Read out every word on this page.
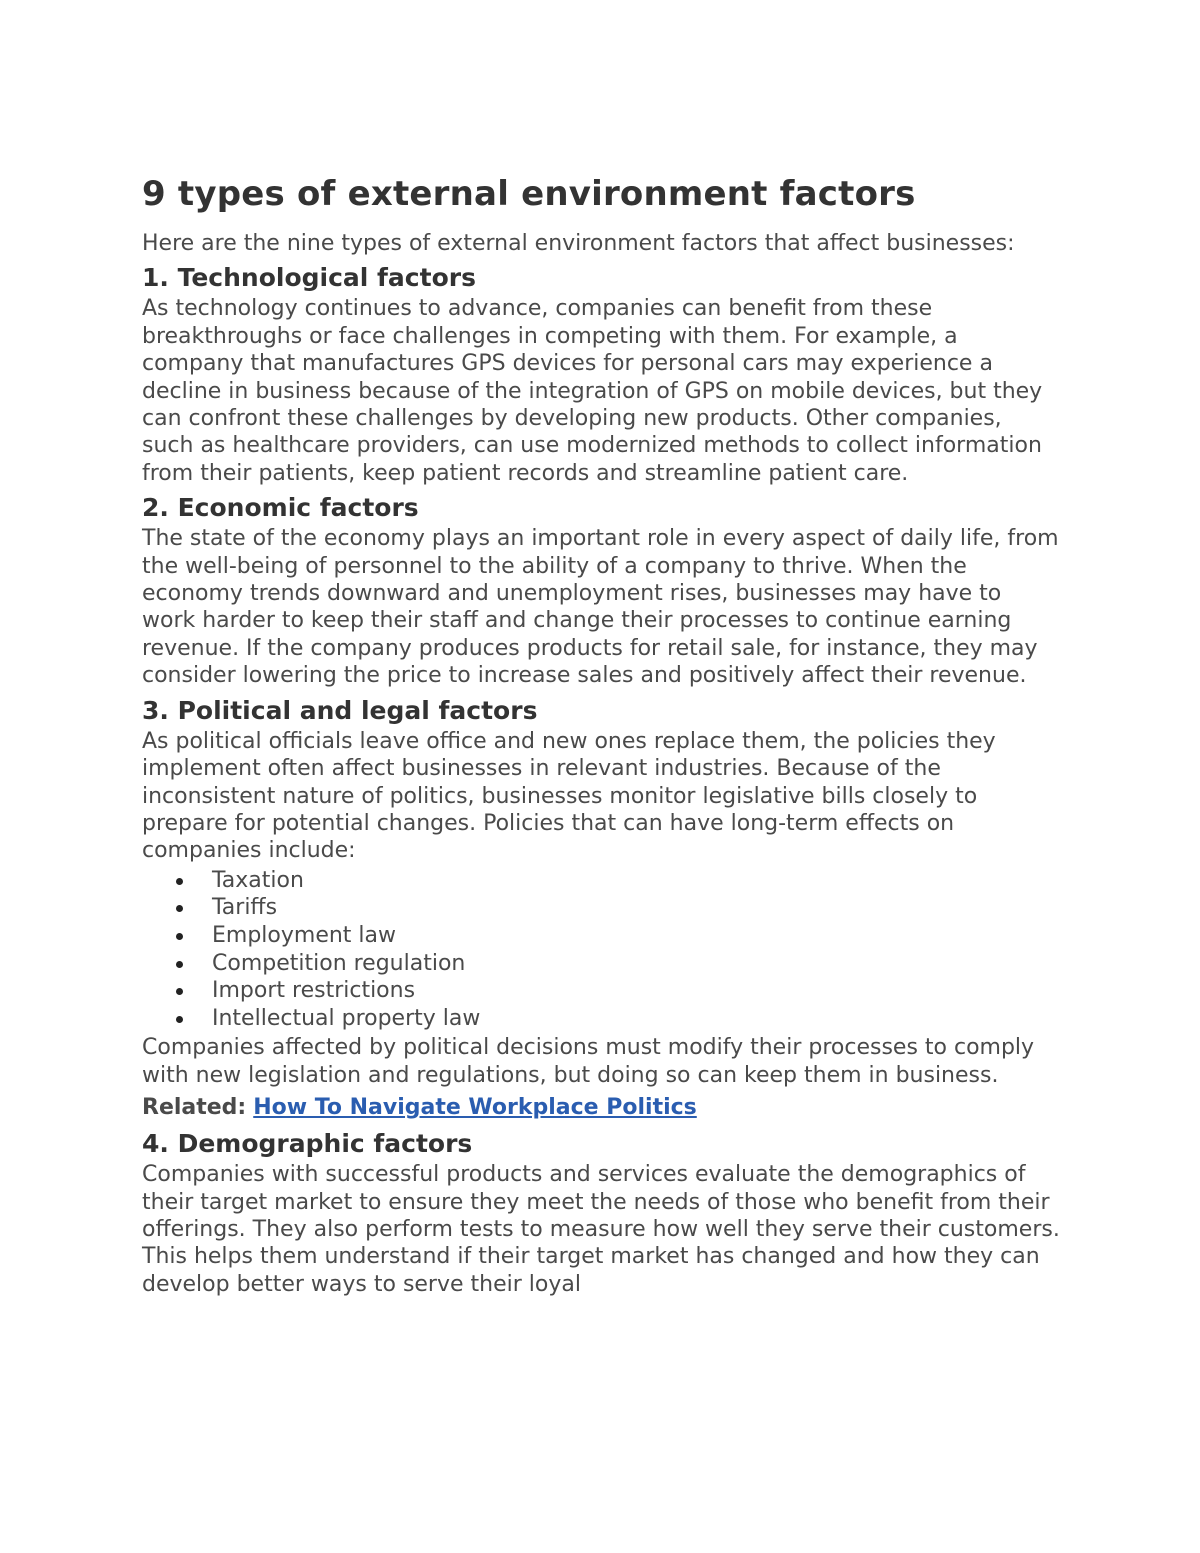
9 types of external environment factors

Here are the nine types of external environment factors that affect businesses:

1. Technological factors

As technology continues to advance, companies can benefit from these breakthroughs or face challenges in competing with them. For example, a company that manufactures GPS devices for personal cars may experience a decline in business because of the integration of GPS on mobile devices, but they can confront these challenges by developing new products. Other companies, such as healthcare providers, can use modernized methods to collect information from their patients, keep patient records and streamline patient care.

2. Economic factors

The state of the economy plays an important role in every aspect of daily life, from the well-being of personnel to the ability of a company to thrive. When the economy trends downward and unemployment rises, businesses may have to work harder to keep their staff and change their processes to continue earning revenue. If the company produces products for retail sale, for instance, they may consider lowering the price to increase sales and positively affect their revenue.

3. Political and legal factors

As political officials leave office and new ones replace them, the policies they implement often affect businesses in relevant industries. Because of the inconsistent nature of politics, businesses monitor legislative bills closely to prepare for potential changes. Policies that can have long-term effects on companies include:

Taxation
Tariffs
Employment law
Competition regulation
Import restrictions
Intellectual property law

Companies affected by political decisions must modify their processes to comply with new legislation and regulations, but doing so can keep them in business.

Related: How To Navigate Workplace Politics
4. Demographic factors

Companies with successful products and services evaluate the demographics of their target market to ensure they meet the needs of those who benefit from their offerings. They also perform tests to measure how well they serve their customers. This helps them understand if their target market has changed and how they can develop better ways to serve their loyal
